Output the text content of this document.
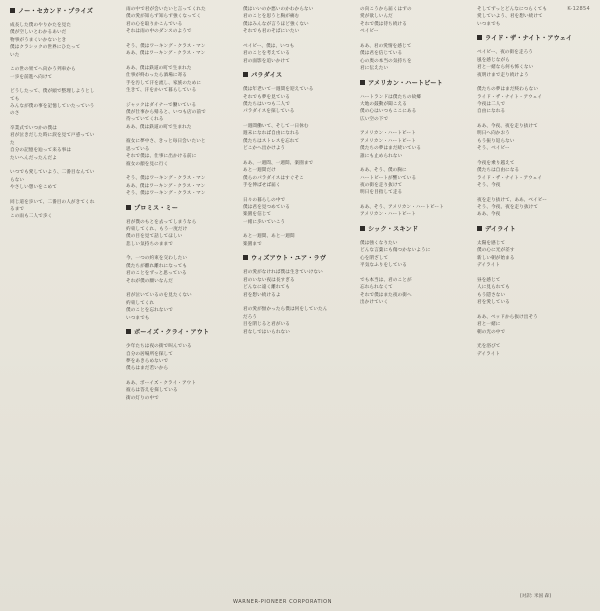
K-12854
ノー・セカンド・プライズ

成長した僕のやりかたを見た
僕が空しいとわかるあいだ
物事がうまくいかないとき
僕はクラシックの世界にひたって
いた

この世の果てへ向かう列車から
一歩を前進へ向けて

どうしたって、僕が頭で整理しようとし
ても
みんなが僕の事を記憶していたっていう
のさ

卒業式でいつかの僕は
君が泣きだした時に涙を見て戸惑ってい
た
自分の記憶を辿って来る事は
たいへんだったんだよ

いつでも愛していよう、二番目なんてい
らない
やさしい想いをこめて

同じ道を歩いて、二番目の人がきてくれ
るまで
この雨も二人で歩く

雨の中で君が会いたいと言ってくれた
僕の愛が知らず知らず強くなってく
君の心を取りかこんでいる
それは雨の中のダンスのようで

そう、僕はワーキング・クラス・マン
ああ、僕はワーキング・クラス・マン

ああ、僕は鉄道の町で生まれた
仕事が終わったら酒場に寄る
手を汚して汗を流し、家族のために
生きて、汗をかいて暮らしている

ジャックはダイナーで働いている
僕が仕事から帰ると、いつも店の前で
待っていてくれる
ああ、僕は鉄道の町で生まれた

彼女に夢中さ、きっと毎日会いたいと
思っている
それで僕は、仕事に出かける前に
彼女の顔を見に行く

そう、僕はワーキング・クラス・マン
ああ、僕はワーキング・クラス・マン
そう、僕はワーキング・クラス・マン

プロミス・ミー

君が僕のもとを去ってしまうなら
約束してくれ、もう一度だけ
僕の目を見て話してほしい
悲しい気持ちのままで

今、一つの約束を交わしたい
僕たちが離れ離れになっても
君のことをずっと思っている
それが僕の願いなんだ

君が泣いているのを見たくない
約束してくれ
僕のことを忘れないで
いつまでも

ボーイズ・クライ・アウト

少年たちは夜の街で叫んでいる
自分の居場所を探して
夢をあきらめないで
僕らはまだ若いから

ああ、ボーイズ・クライ・アウト
彼らは答えを探している
街の灯りの中で

僕はいいのか悪いのかわからない
君のことを思うと胸が痛む
僕はみんなが言うほど強くない
それでも君のそばにいたい

ベイビー、僕は、いつも
君のことを考えている
君の面影を追いかけて

パラダイス

僕は年老いて一週間を迎えている
それでも夢を見ている
僕たちはいつも二人で
パラダイスを探している

一週間働いて、そして一日休む
週末になれば自由になれる
僕たちはストレスを忘れて
どこかへ出かけよう

ああ、一週間、一週間、楽園まで
あと一週間だけ
僕らのパラダイスはすぐそこ
手を伸ばせば届く

日々の暮らしの中で
僕は君を見つめている
楽園を信じて
一緒に歩いていこう

あと一週間、あと一週間
楽園まで

ウィズアウト・ユア・ラヴ

君の愛がなければ僕は生きていけない
君のいない夜は長すぎる
どんなに遠く離れても
君を想い続けるよ

君の愛が無かったら僕は何をしていたん
だろう
目を閉じると君がいる
君なしではいられない

の向こうから届くはずの
愛が欲しいんだ
それで僕は待ち続ける
ベイビー

ああ、君の愛情を感じて
僕は君を信じている
心の奥の本当の気持ちを
君に伝えたい

アメリカン・ハートビート

ハートランドは僕たちの故郷
大地の鼓動が聞こえる
僕の心はいつもここにある
広い空の下で

アメリカン・ハートビート
アメリカン・ハートビート
僕たちの夢はまだ続いている
誰にも止められない

ああ、そう、僕の胸に
ハートビートが響いている
夜の街を走り抜けて
明日を目指して走る

ああ、そう、アメリカン・ハートビート
アメリカン・ハートビート

シック・スキンド

僕は強くなりたい
どんな言葉にも傷つかないように
心を閉ざして
平気なふりをしている

でも本当は、君のことが
忘れられなくて
それで僕はまた夜の街へ
出かけていく

そしてずっとどんなにつらくても
愛していよう、君を想い続けて
いつまでも

ライド・ザ・ナイト・アウェイ

ベイビー、夜の街を走ろう
風を感じながら
君と一緒なら何も怖くない
夜明けまで走り続けよう

僕たちの夢はまだ終わらない
ライド・ザ・ナイト・アウェイ
今夜は二人で
自由になれる

ああ、今夜、夜を走り抜けて
明日へ向かおう
もう振り返らない
そう、ベイビー

今夜を乗り越えて
僕たちは自由になる
ライド・ザ・ナイト・アウェイ
そう、今夜

夜を走り抜けて、ああ、ベイビー
そう、今夜、夜を走り抜けて
ああ、今夜

デイライト

太陽を感じて
僕の心に光が差す
新しい朝が始まる
デイライト

昼を感じて
人に見られても
もう隠さない
君を愛している

ああ、ベッドから抜け出そう
君と一緒に
朝の光の中で

光を浴びて
デイライト

WARNER-PIONEER CORPORATION
[対訳: 米国 森]
